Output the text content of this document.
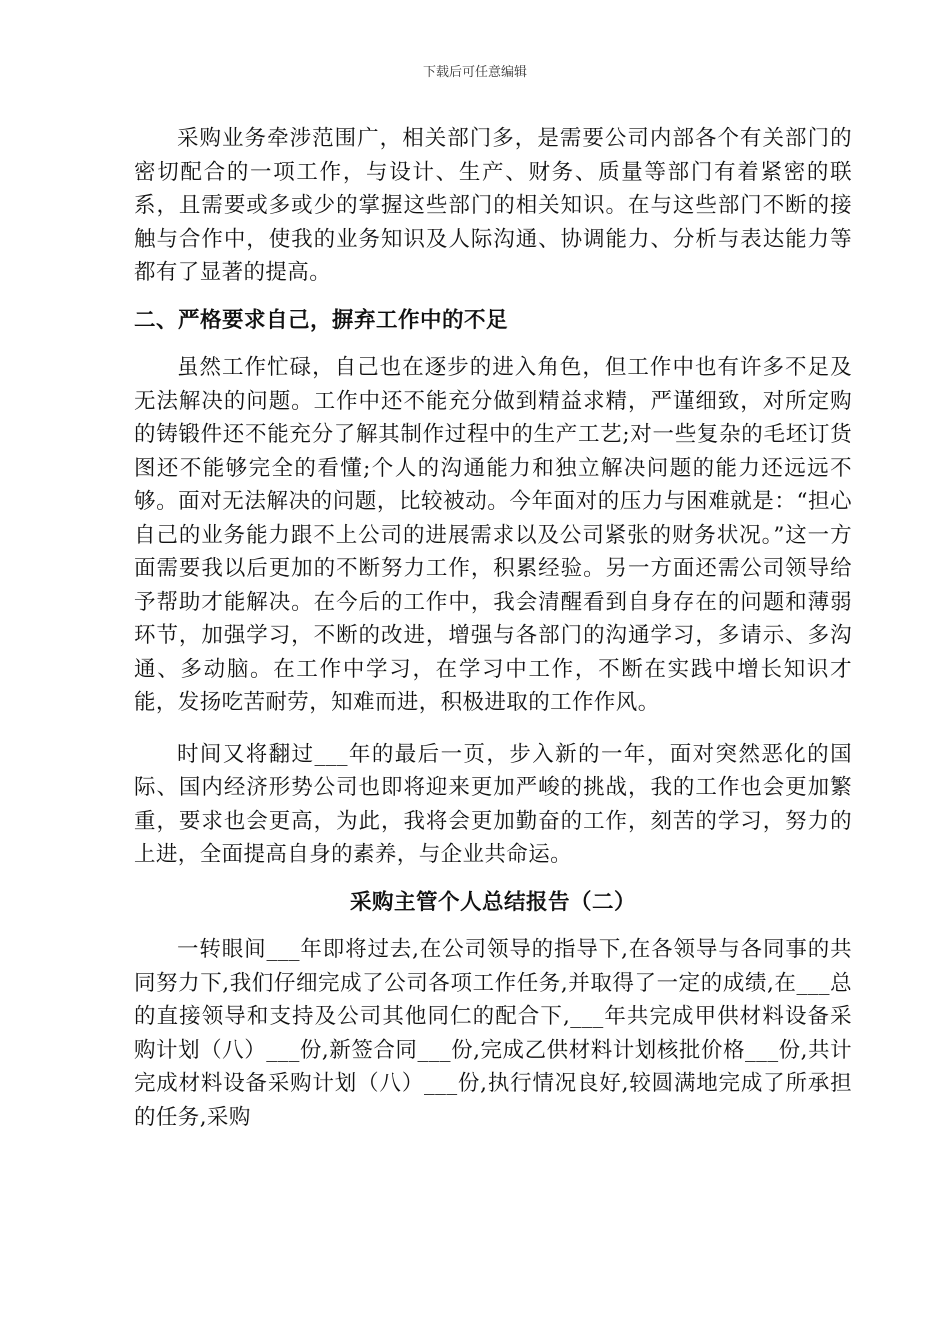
下载后可任意编辑

采购业务牵涉范围广，相关部门多，是需要公司内部各个有关部门的密切配合的一项工作，与设计、生产、财务、质量等部门有着紧密的联系，且需要或多或少的掌握这些部门的相关知识。在与这些部门不断的接触与合作中，使我的业务知识及人际沟通、协调能力、分析与表达能力等都有了显著的提高。

二、严格要求自己，摒弃工作中的不足

虽然工作忙碌，自己也在逐步的进入角色，但工作中也有许多不足及无法解决的问题。工作中还不能充分做到精益求精，严谨细致，对所定购的铸锻件还不能充分了解其制作过程中的生产工艺;对一些复杂的毛坯订货图还不能够完全的看懂;个人的沟通能力和独立解决问题的能力还远远不够。面对无法解决的问题，比较被动。今年面对的压力与困难就是：“担心自己的业务能力跟不上公司的进展需求以及公司紧张的财务状况。”这一方面需要我以后更加的不断努力工作，积累经验。另一方面还需公司领导给予帮助才能解决。在今后的工作中，我会清醒看到自身存在的问题和薄弱环节，加强学习，不断的改进，增强与各部门的沟通学习，多请示、多沟通、多动脑。在工作中学习，在学习中工作，不断在实践中增长知识才能，发扬吃苦耐劳，知难而进，积极进取的工作作风。

时间又将翻过___年的最后一页，步入新的一年，面对突然恶化的国际、国内经济形势公司也即将迎来更加严峻的挑战，我的工作也会更加繁重，要求也会更高，为此，我将会更加勤奋的工作，刻苦的学习，努力的上进，全面提高自身的素养，与企业共命运。

采购主管个人总结报告（二）

一转眼间___年即将过去,在公司领导的指导下,在各领导与各同事的共同努力下,我们仔细完成了公司各项工作任务,并取得了一定的成绩,在___总的直接领导和支持及公司其他同仁的配合下,___年共完成甲供材料设备采购计划（八）___份,新签合同___份,完成乙供材料计划核批价格___份,共计完成材料设备采购计划（八）___份,执行情况良好,较圆满地完成了所承担的任务,采购
